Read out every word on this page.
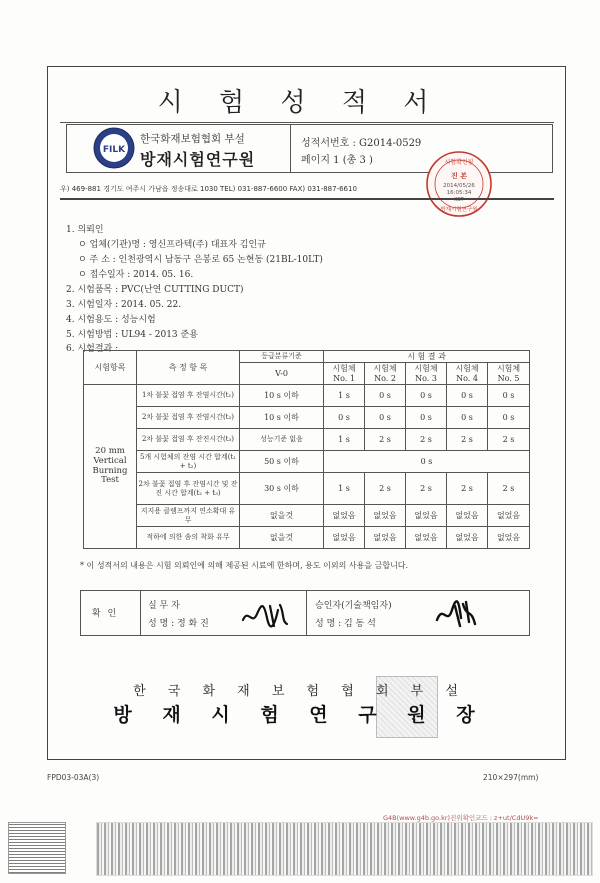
시 험 성 적 서
FILK
한국화재보험협회 부설
방재시험연구원
성적서번호 : G2014-0529
페이지 1 (총 3 )	시험확인필
진 본
2014/05/26
16:05:34
KST
방재시험연구원
우) 469-881 경기도 여주시 가남읍 정송대로 1030 TEL) 031-887-6600 FAX) 031-887-6610
1. 의뢰인
ㅇ 업체(기관)명 : 영신프라텍(주) 대표자 김인규
ㅇ 주 소 : 인천광역시 남동구 은봉로 65 논현동 (21BL-10LT)
ㅇ 접수일자 : 2014. 05. 16.
2. 시험품목 : PVC(난연 CUTTING DUCT)
3. 시험일자 : 2014. 05. 22.
4. 시험용도 : 성능시험
5. 시험방법 : UL94 - 2013 준용
6. 시험결과 :
시험항목	측 정 항 목	등급분류기준	시 험 결 과				
		V-0	시험체 No. 1	시험체 No. 2	시험체 No. 3	시험체 No. 4	시험체 No. 5
20 mm Vertical Burning Test	1차 불꽃 접염 후 잔염시간(t₁)	10 s 이하	1 s	0 s	0 s	0 s	0 s
	2차 불꽃 접염 후 잔염시간(t₂)	10 s 이하	0 s	0 s	0 s	0 s	0 s
	2차 불꽃 접염 후 잔진시간(t₃)	성능기준 없음	1 s	2 s	2 s	2 s	2 s
	5개 시험체의 잔염 시간 합계(t₁ + t₂)	50 s 이하	0 s				
	2차 불꽃 접염 후 잔염시간 및 잔진 시간 합계(t₂ + t₃)	30 s 이하	1 s	2 s	2 s	2 s	2 s
	지지용 클램프까지 연소확대 유무	없을것	없었음	없었음	없었음	없었음	없었음
	적하에 의한 솜의 착화 유무	없을것	없었음	없었음	없었음	없었음	없었음
* 이 성적서의 내용은 시험 의뢰인에 의해 제공된 시료에 한하며, 용도 이외의 사용을 금합니다.
확 인
실 무 자
성 명 : 정 화 진
승인자(기술책임자)
성 명 : 김 동 석
한 국 화 재 보 험 협 회 부 설
방 재 시 험 연 구 원 장
FPD03-03A(3)	210×297(mm)
G4B(www.g4b.go.kr)진위확인코드 : z+ut/CdU9k=
